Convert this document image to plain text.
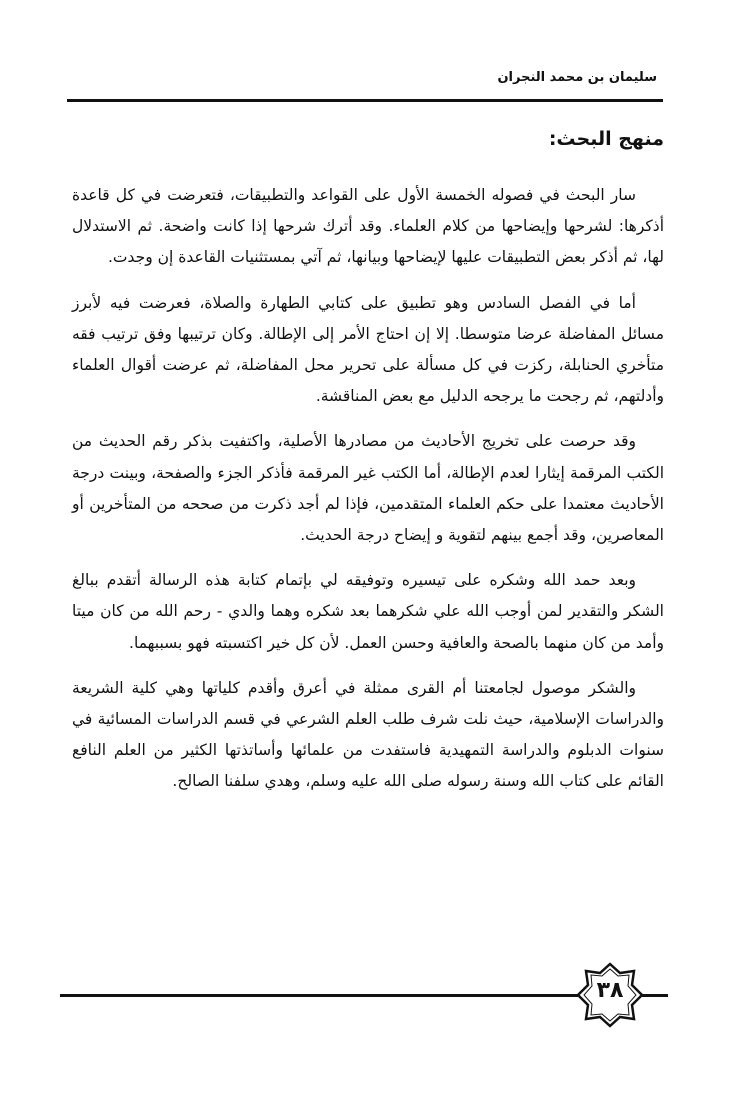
سليمان بن محمد النجران
منهج البحث:

سار البحث في فصوله الخمسة الأول على القواعد والتطبيقات، فتعرضت في كل قاعدة أذكرها: لشرحها وإيضاحها من كلام العلماء. وقد أترك شرحها إذا كانت واضحة. ثم الاستدلال لها، ثم أذكر بعض التطبيقات عليها لإيضاحها وبيانها، ثم آتي بمستثنيات القاعدة إن وجدت.

أما في الفصل السادس وهو تطبيق على كتابي الطهارة والصلاة، فعرضت فيه لأبرز مسائل المفاضلة عرضا متوسطا. إلا إن احتاج الأمر إلى الإطالة. وكان ترتيبها وفق ترتيب فقه متأخري الحنابلة، ركزت في كل مسألة على تحرير محل المفاضلة، ثم عرضت أقوال العلماء وأدلتهم، ثم رجحت ما يرجحه الدليل مع بعض المناقشة.

وقد حرصت على تخريج الأحاديث من مصادرها الأصلية، واكتفيت بذكر رقم الحديث من الكتب المرقمة إيثارا لعدم الإطالة، أما الكتب غير المرقمة فأذكر الجزء والصفحة، وبينت درجة الأحاديث معتمدا على حكم العلماء المتقدمين، فإذا لم أجد ذكرت من صححه من المتأخرين أو المعاصرين، وقد أجمع بينهم لتقوية و إيضاح درجة الحديث.

وبعد حمد الله وشكره على تيسيره وتوفيقه لي بإتمام كتابة هذه الرسالة أتقدم ببالغ الشكر والتقدير لمن أوجب الله علي شكرهما بعد شكره وهما والدي - رحم الله من كان ميتا وأمد من كان منهما بالصحة والعافية وحسن العمل. لأن كل خير اكتسبته فهو بسببهما.

والشكر موصول لجامعتنا أم القرى ممثلة في أعرق وأقدم كلياتها وهي كلية الشريعة والدراسات الإسلامية، حيث نلت شرف طلب العلم الشرعي في قسم الدراسات المسائية في سنوات الدبلوم والدراسة التمهيدية فاستفدت من علمائها وأساتذتها الكثير من العلم النافع القائم على كتاب الله وسنة رسوله صلى الله عليه وسلم، وهدي سلفنا الصالح.

٣٨
